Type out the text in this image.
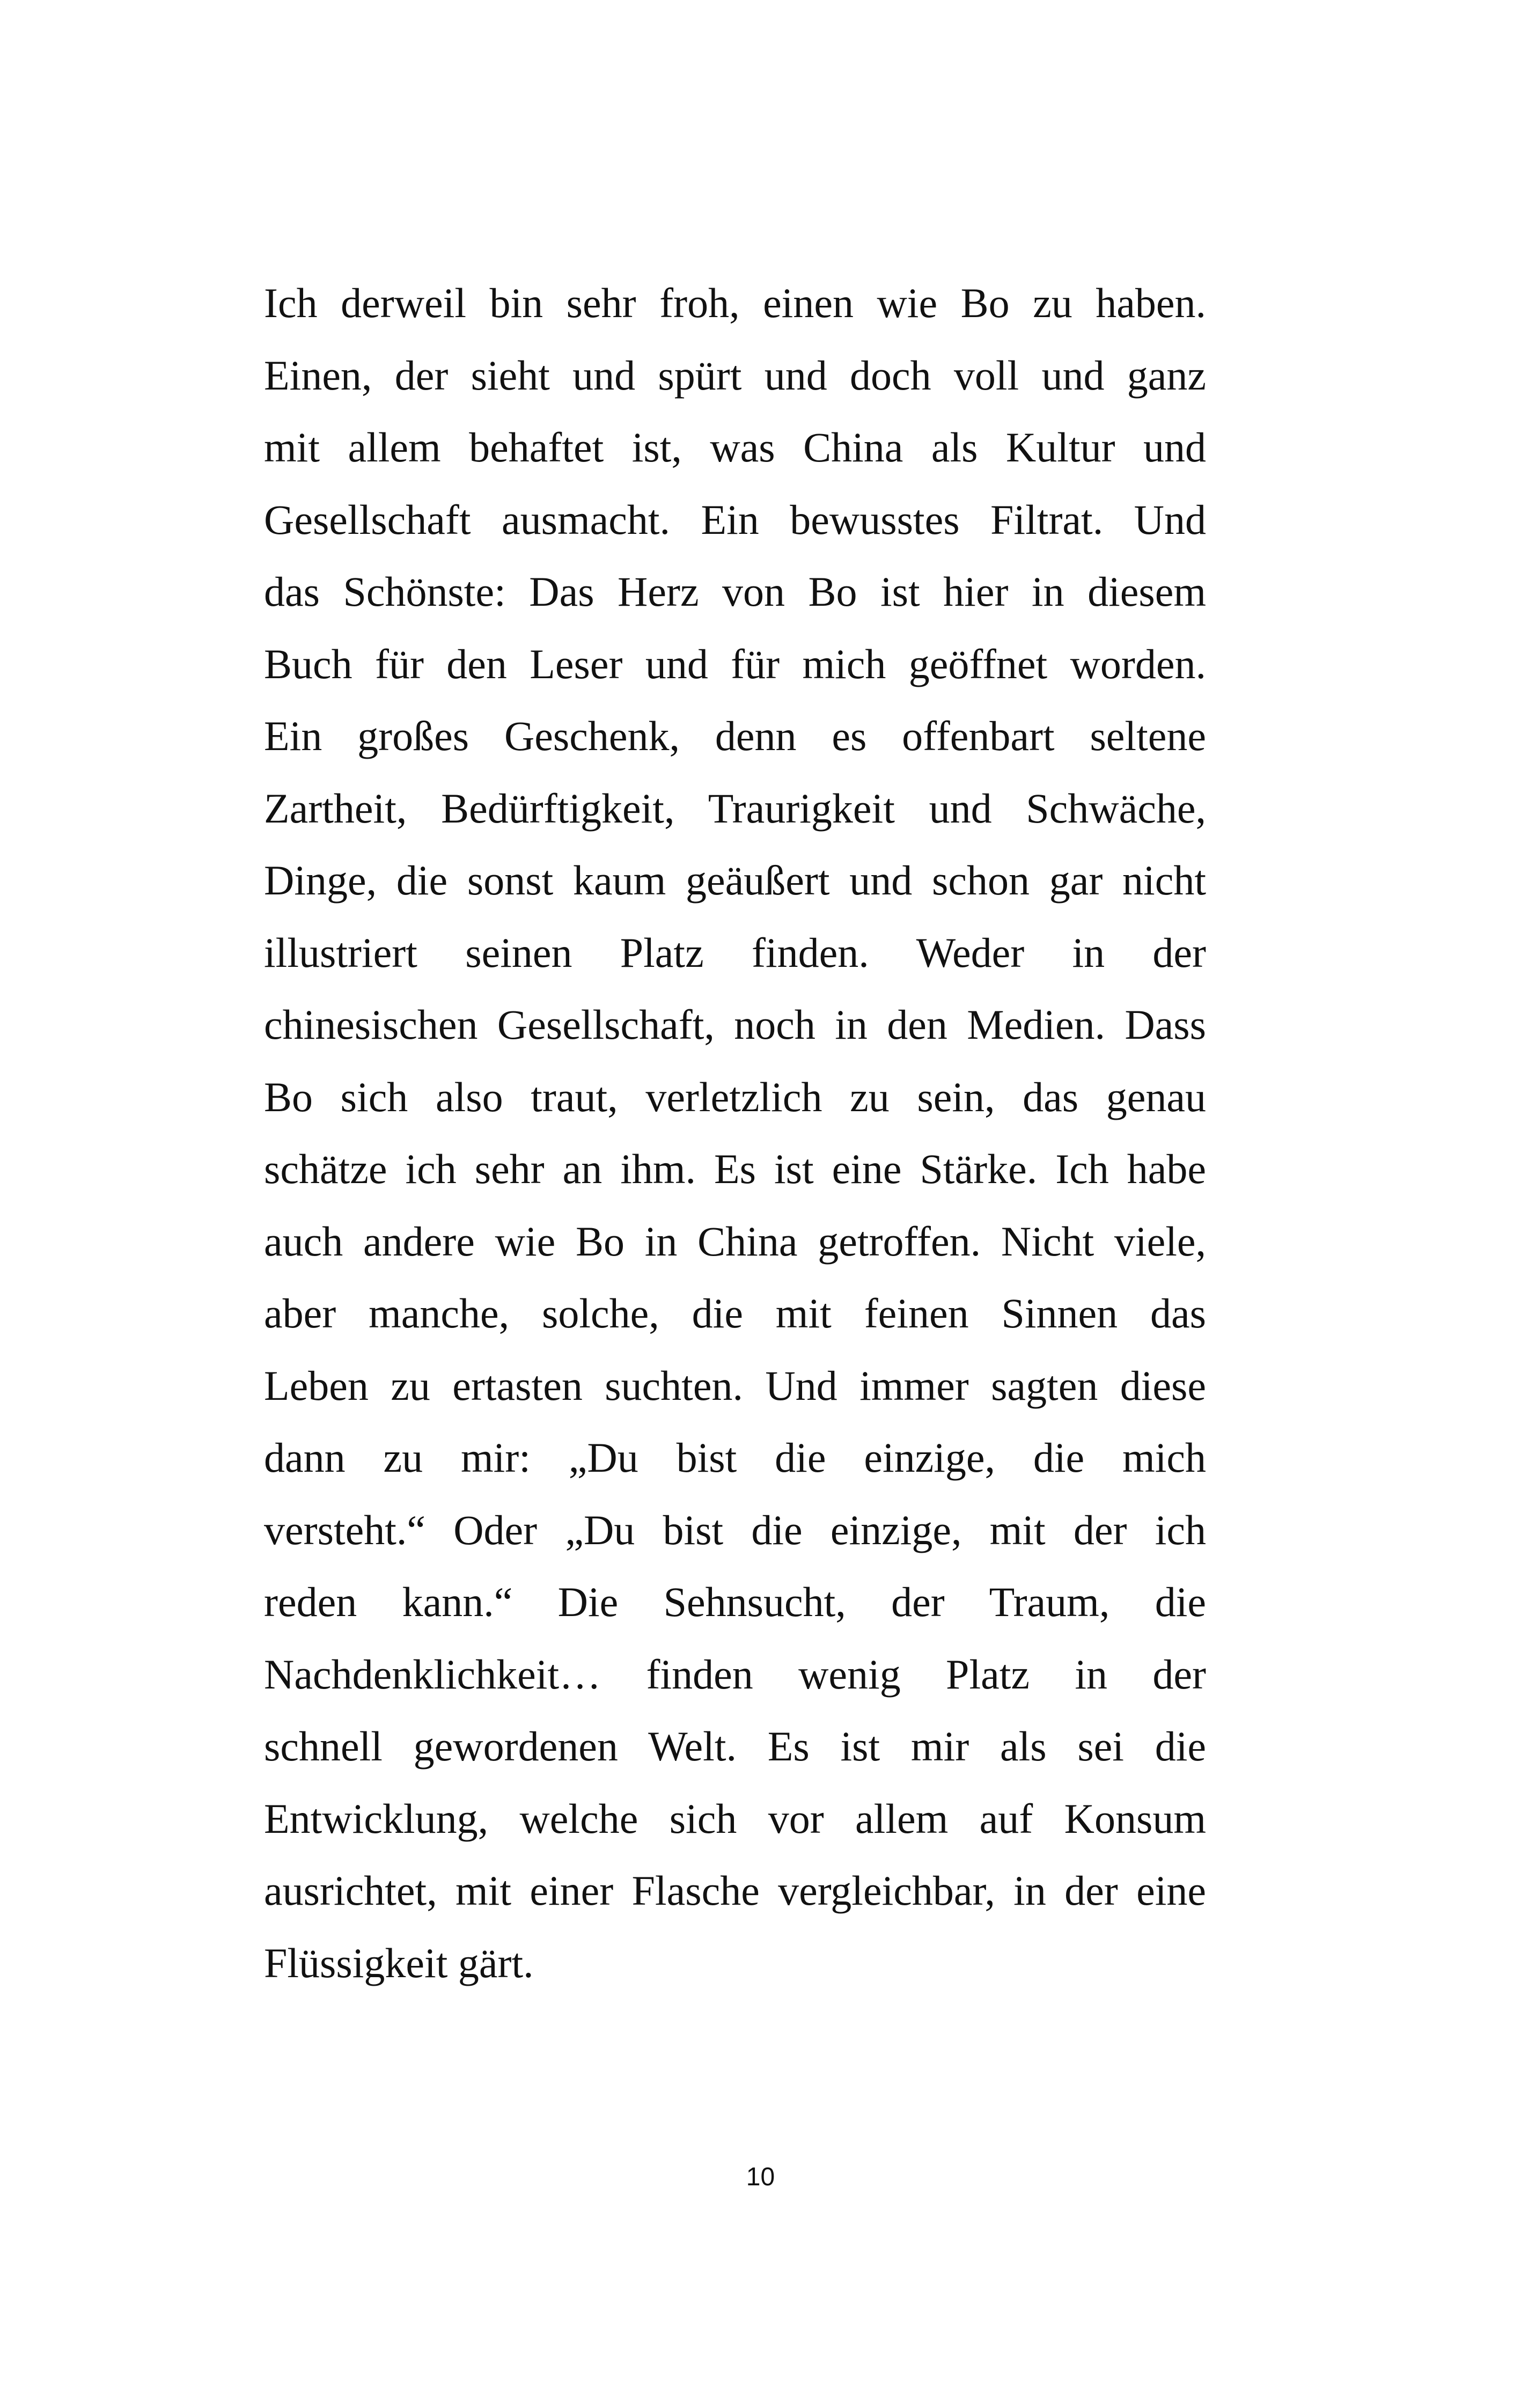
Ich derweil bin sehr froh, einen wie Bo zu haben.
Einen, der sieht und spürt und doch voll und ganz
mit allem behaftet ist, was China als Kultur und
Gesellschaft ausmacht. Ein bewusstes Filtrat. Und
das Schönste: Das Herz von Bo ist hier in diesem
Buch für den Leser und für mich geöffnet worden.
Ein großes Geschenk, denn es offenbart seltene
Zartheit, Bedürftigkeit, Traurigkeit und Schwäche,
Dinge, die sonst kaum geäußert und schon gar nicht
illustriert seinen Platz finden. Weder in der
chinesischen Gesellschaft, noch in den Medien. Dass
Bo sich also traut, verletzlich zu sein, das genau
schätze ich sehr an ihm. Es ist eine Stärke. Ich habe
auch andere wie Bo in China getroffen. Nicht viele,
aber manche, solche, die mit feinen Sinnen das
Leben zu ertasten suchten. Und immer sagten diese
dann zu mir: „Du bist die einzige, die mich
versteht.“ Oder „Du bist die einzige, mit der ich
reden kann.“ Die Sehnsucht, der Traum, die
Nachdenklichkeit… finden wenig Platz in der
schnell gewordenen Welt. Es ist mir als sei die
Entwicklung, welche sich vor allem auf Konsum
ausrichtet, mit einer Flasche vergleichbar, in der eine
Flüssigkeit gärt.
10
